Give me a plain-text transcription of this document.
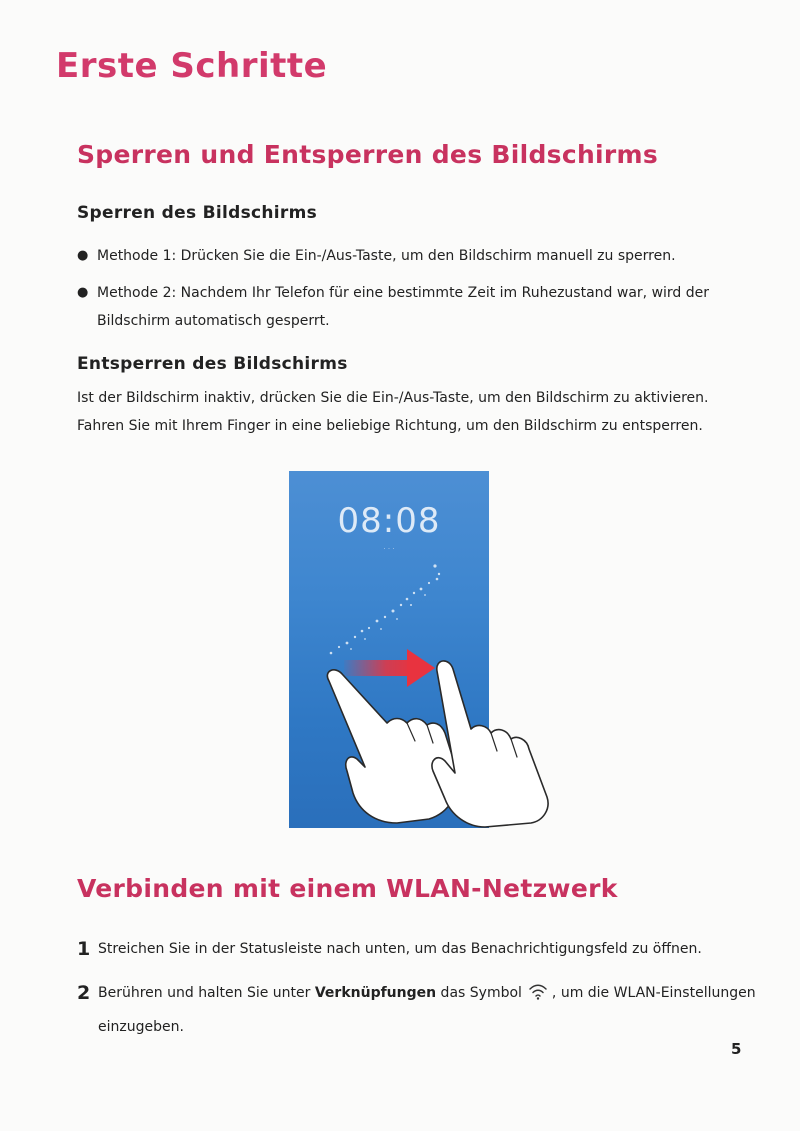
Erste Schritte
Sperren und Entsperren des Bildschirms
Sperren des Bildschirms
● Methode 1: Drücken Sie die Ein-/Aus-Taste, um den Bildschirm manuell zu sperren.
● Methode 2: Nachdem Ihr Telefon für eine bestimmte Zeit im Ruhezustand war, wird der Bildschirm automatisch gesperrt.
Entsperren des Bildschirms

Ist der Bildschirm inaktiv, drücken Sie die Ein-/Aus-Taste, um den Bildschirm zu aktivieren. Fahren Sie mit Ihrem Finger in eine beliebige Richtung, um den Bildschirm zu entsperren.

08:08
· · ·

Verbinden mit einem WLAN-Netzwerk
1 Streichen Sie in der Statusleiste nach unten, um das Benachrichtigungsfeld zu öffnen.
2 Berühren und halten Sie unter Verknüpfungen das Symbol , um die WLAN-Einstellungen einzugeben.
5
